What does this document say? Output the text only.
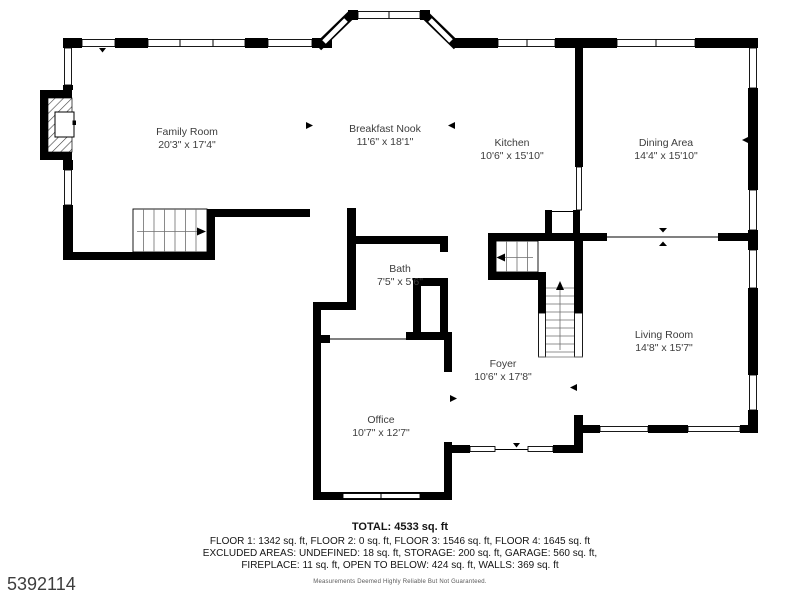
Family Room
20'3" x 17'4"
Breakfast Nook
11'6" x 18'1"	Kitchen
10'6" x 15'10"
Dining Area
14'4" x 15'10"
Bath
7'5" x 5'6"
Living Room
14'8" x 15'7"
Foyer
10'6" x 17'8"
Office
10'7" x 12'7"
TOTAL: 4533 sq. ft
FLOOR 1: 1342 sq. ft, FLOOR 2: 0 sq. ft, FLOOR 3: 1546 sq. ft, FLOOR 4: 1645 sq. ft
EXCLUDED AREAS: UNDEFINED: 18 sq. ft, STORAGE: 200 sq. ft, GARAGE: 560 sq. ft,
FIREPLACE: 11 sq. ft, OPEN TO BELOW: 424 sq. ft, WALLS: 369 sq. ft
Measurements Deemed Highly Reliable But Not Guaranteed.
5392114
